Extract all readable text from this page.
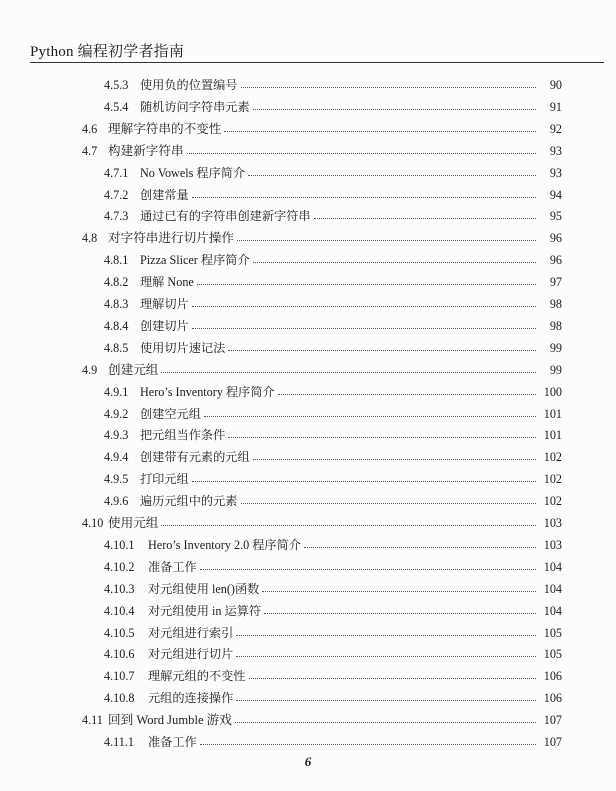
Python 编程初学者指南
4.5.3 使用负的位置编号	90
4.5.4 随机访问字符串元素	91
4.6 理解字符串的不变性	92
4.7 构建新字符串	93
4.7.1 No Vowels 程序简介	93
4.7.2 创建常量	94
4.7.3 通过已有的字符串创建新字符串	95
4.8 对字符串进行切片操作	96
4.8.1 Pizza Slicer 程序简介	96
4.8.2 理解 None	97
4.8.3 理解切片	98
4.8.4 创建切片	98
4.8.5 使用切片速记法	99
4.9 创建元组	99
4.9.1 Hero’s Inventory 程序简介	100
4.9.2 创建空元组	101
4.9.3 把元组当作条件	101
4.9.4 创建带有元素的元组	102
4.9.5 打印元组	102
4.9.6 遍历元组中的元素	102
4.10 使用元组	103
4.10.1	Hero’s Inventory 2.0 程序简介	103
4.10.2	准备工作	104
4.10.3	对元组使用 len()函数	104
4.10.4	对元组使用 in 运算符	104
4.10.5	对元组进行索引	105
4.10.6	对元组进行切片	105
4.10.7	理解元组的不变性	106
4.10.8	元组的连接操作	106
4.11 回到 Word Jumble 游戏	107
4.11.1	准备工作	107
6
